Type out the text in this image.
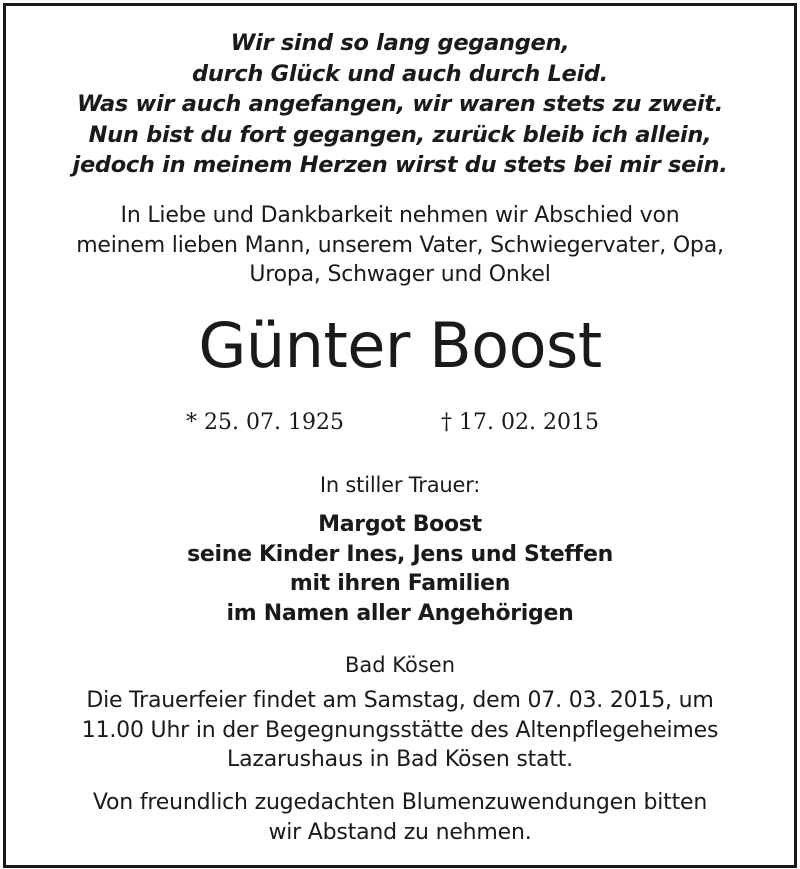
Wir sind so lang gegangen,
durch Glück und auch durch Leid.
Was wir auch angefangen, wir waren stets zu zweit.
Nun bist du fort gegangen, zurück bleib ich allein,
jedoch in meinem Herzen wirst du stets bei mir sein.
In Liebe und Dankbarkeit nehmen wir Abschied von
meinem lieben Mann, unserem Vater, Schwiegervater, Opa,
Uropa, Schwager und Onkel
Günter Boost
* 25. 07. 1925	† 17. 02. 2015
In stiller Trauer:
Margot Boost
seine Kinder Ines, Jens und Steffen
mit ihren Familien
im Namen aller Angehörigen
Bad Kösen
Die Trauerfeier findet am Samstag, dem 07. 03. 2015, um
11.00 Uhr in der Begegnungsstätte des Altenpflegeheimes
Lazarushaus in Bad Kösen statt.
Von freundlich zugedachten Blumenzuwendungen bitten
wir Abstand zu nehmen.
